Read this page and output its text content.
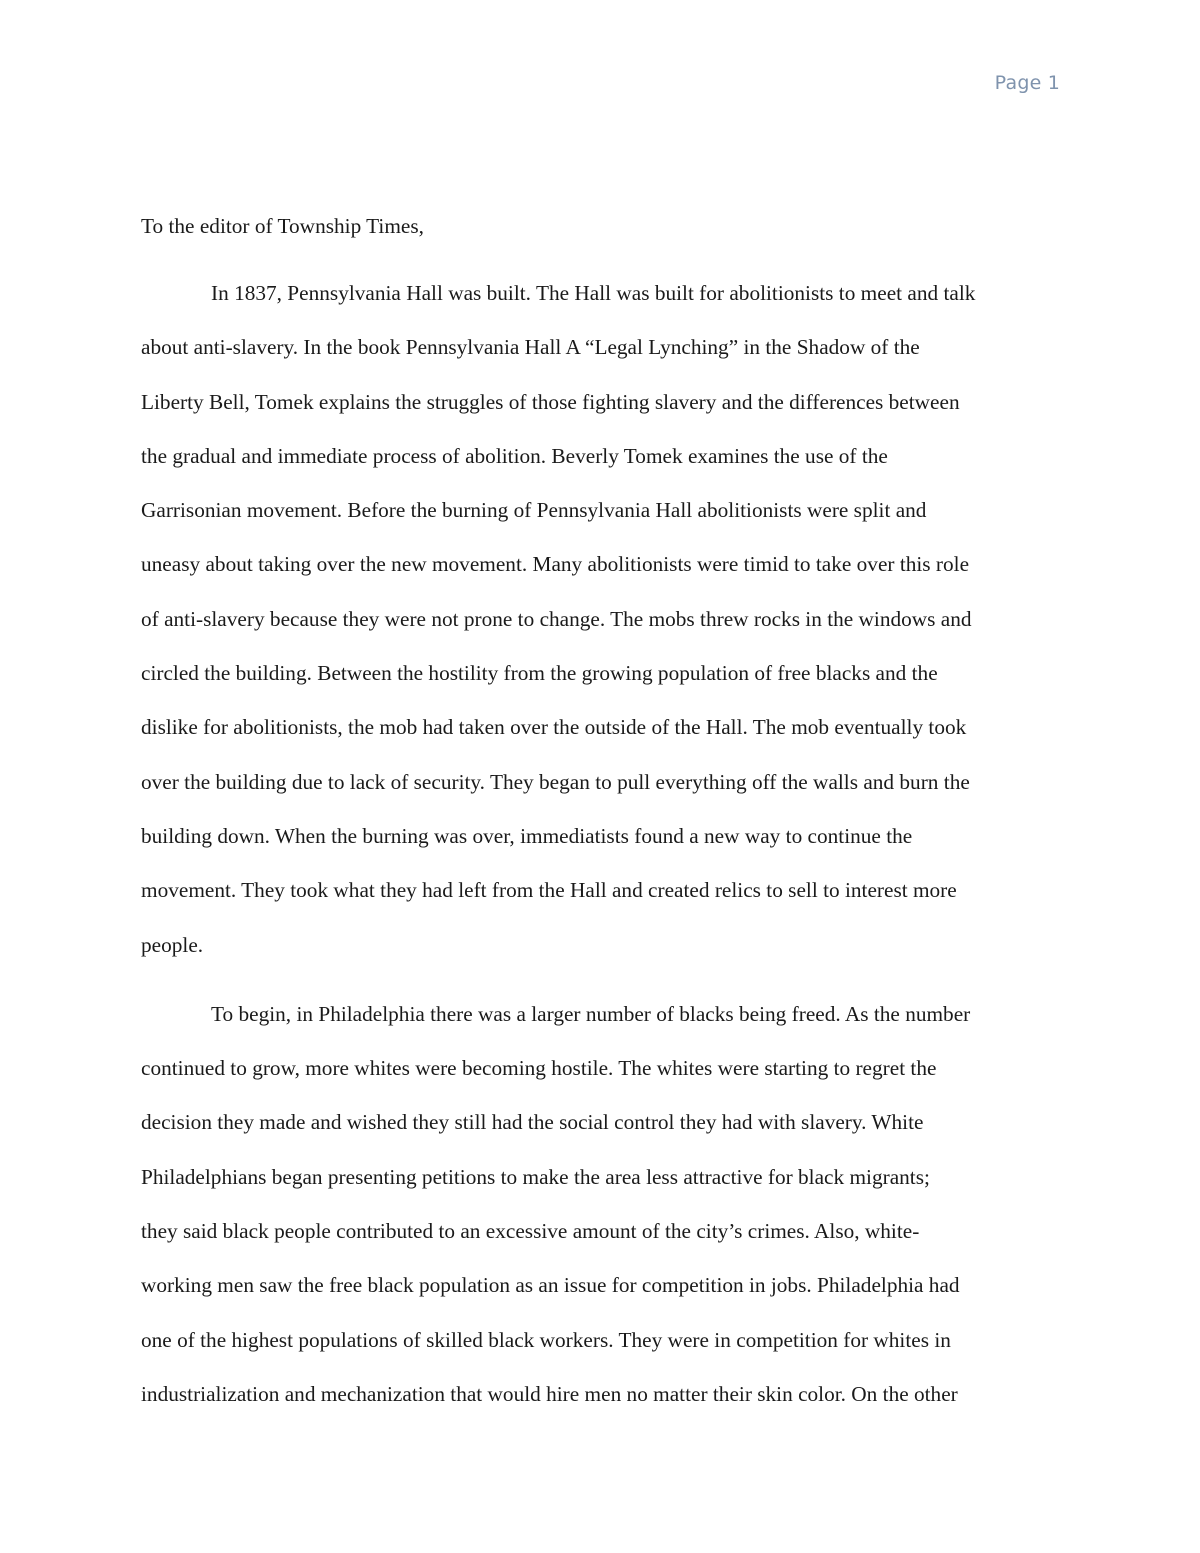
Page 1

To the editor of Township Times,

In 1837, Pennsylvania Hall was built. The Hall was built for abolitionists to meet and talk
about anti-slavery. In the book Pennsylvania Hall A “Legal Lynching” in the Shadow of the
Liberty Bell, Tomek explains the struggles of those fighting slavery and the differences between
the gradual and immediate process of abolition. Beverly Tomek examines the use of the
Garrisonian movement. Before the burning of Pennsylvania Hall abolitionists were split and
uneasy about taking over the new movement. Many abolitionists were timid to take over this role
of anti-slavery because they were not prone to change. The mobs threw rocks in the windows and
circled the building. Between the hostility from the growing population of free blacks and the
dislike for abolitionists, the mob had taken over the outside of the Hall. The mob eventually took
over the building due to lack of security. They began to pull everything off the walls and burn the
building down. When the burning was over, immediatists found a new way to continue the
movement. They took what they had left from the Hall and created relics to sell to interest more
people.

To begin, in Philadelphia there was a larger number of blacks being freed. As the number
continued to grow, more whites were becoming hostile. The whites were starting to regret the
decision they made and wished they still had the social control they had with slavery. White
Philadelphians began presenting petitions to make the area less attractive for black migrants;
they said black people contributed to an excessive amount of the city’s crimes. Also, white-
working men saw the free black population as an issue for competition in jobs. Philadelphia had
one of the highest populations of skilled black workers. They were in competition for whites in
industrialization and mechanization that would hire men no matter their skin color. On the other
